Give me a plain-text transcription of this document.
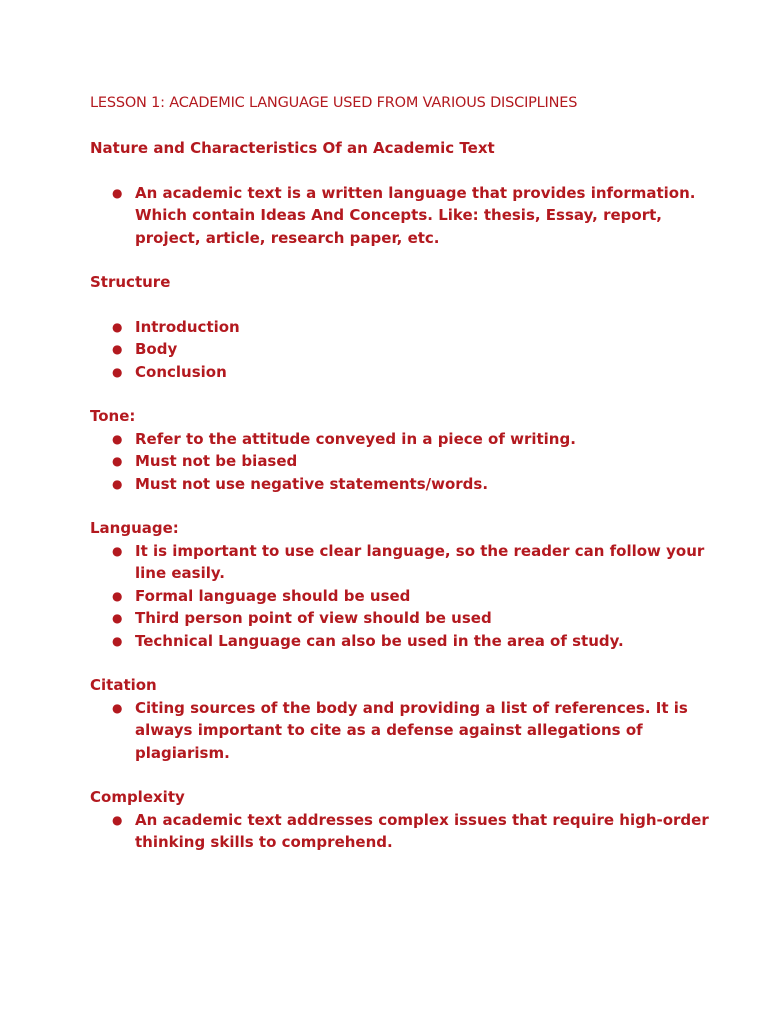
LESSON 1: ACADEMIC LANGUAGE USED FROM VARIOUS DISCIPLINES

Nature and Characteristics Of an Academic Text

● An academic text is a written language that provides information. Which contain Ideas And Concepts. Like: thesis, Essay, report, project, article, research paper, etc.

Structure

● Introduction
● Body
● Conclusion

Tone:

● Refer to the attitude conveyed in a piece of writing.
● Must not be biased
● Must not use negative statements/words.

Language:

● It is important to use clear language, so the reader can follow your line easily.
● Formal language should be used
● Third person point of view should be used
● Technical Language can also be used in the area of study.

Citation

● Citing sources of the body and providing a list of references. It is always important to cite as a defense against allegations of plagiarism.

Complexity

● An academic text addresses complex issues that require high-order thinking skills to comprehend.
